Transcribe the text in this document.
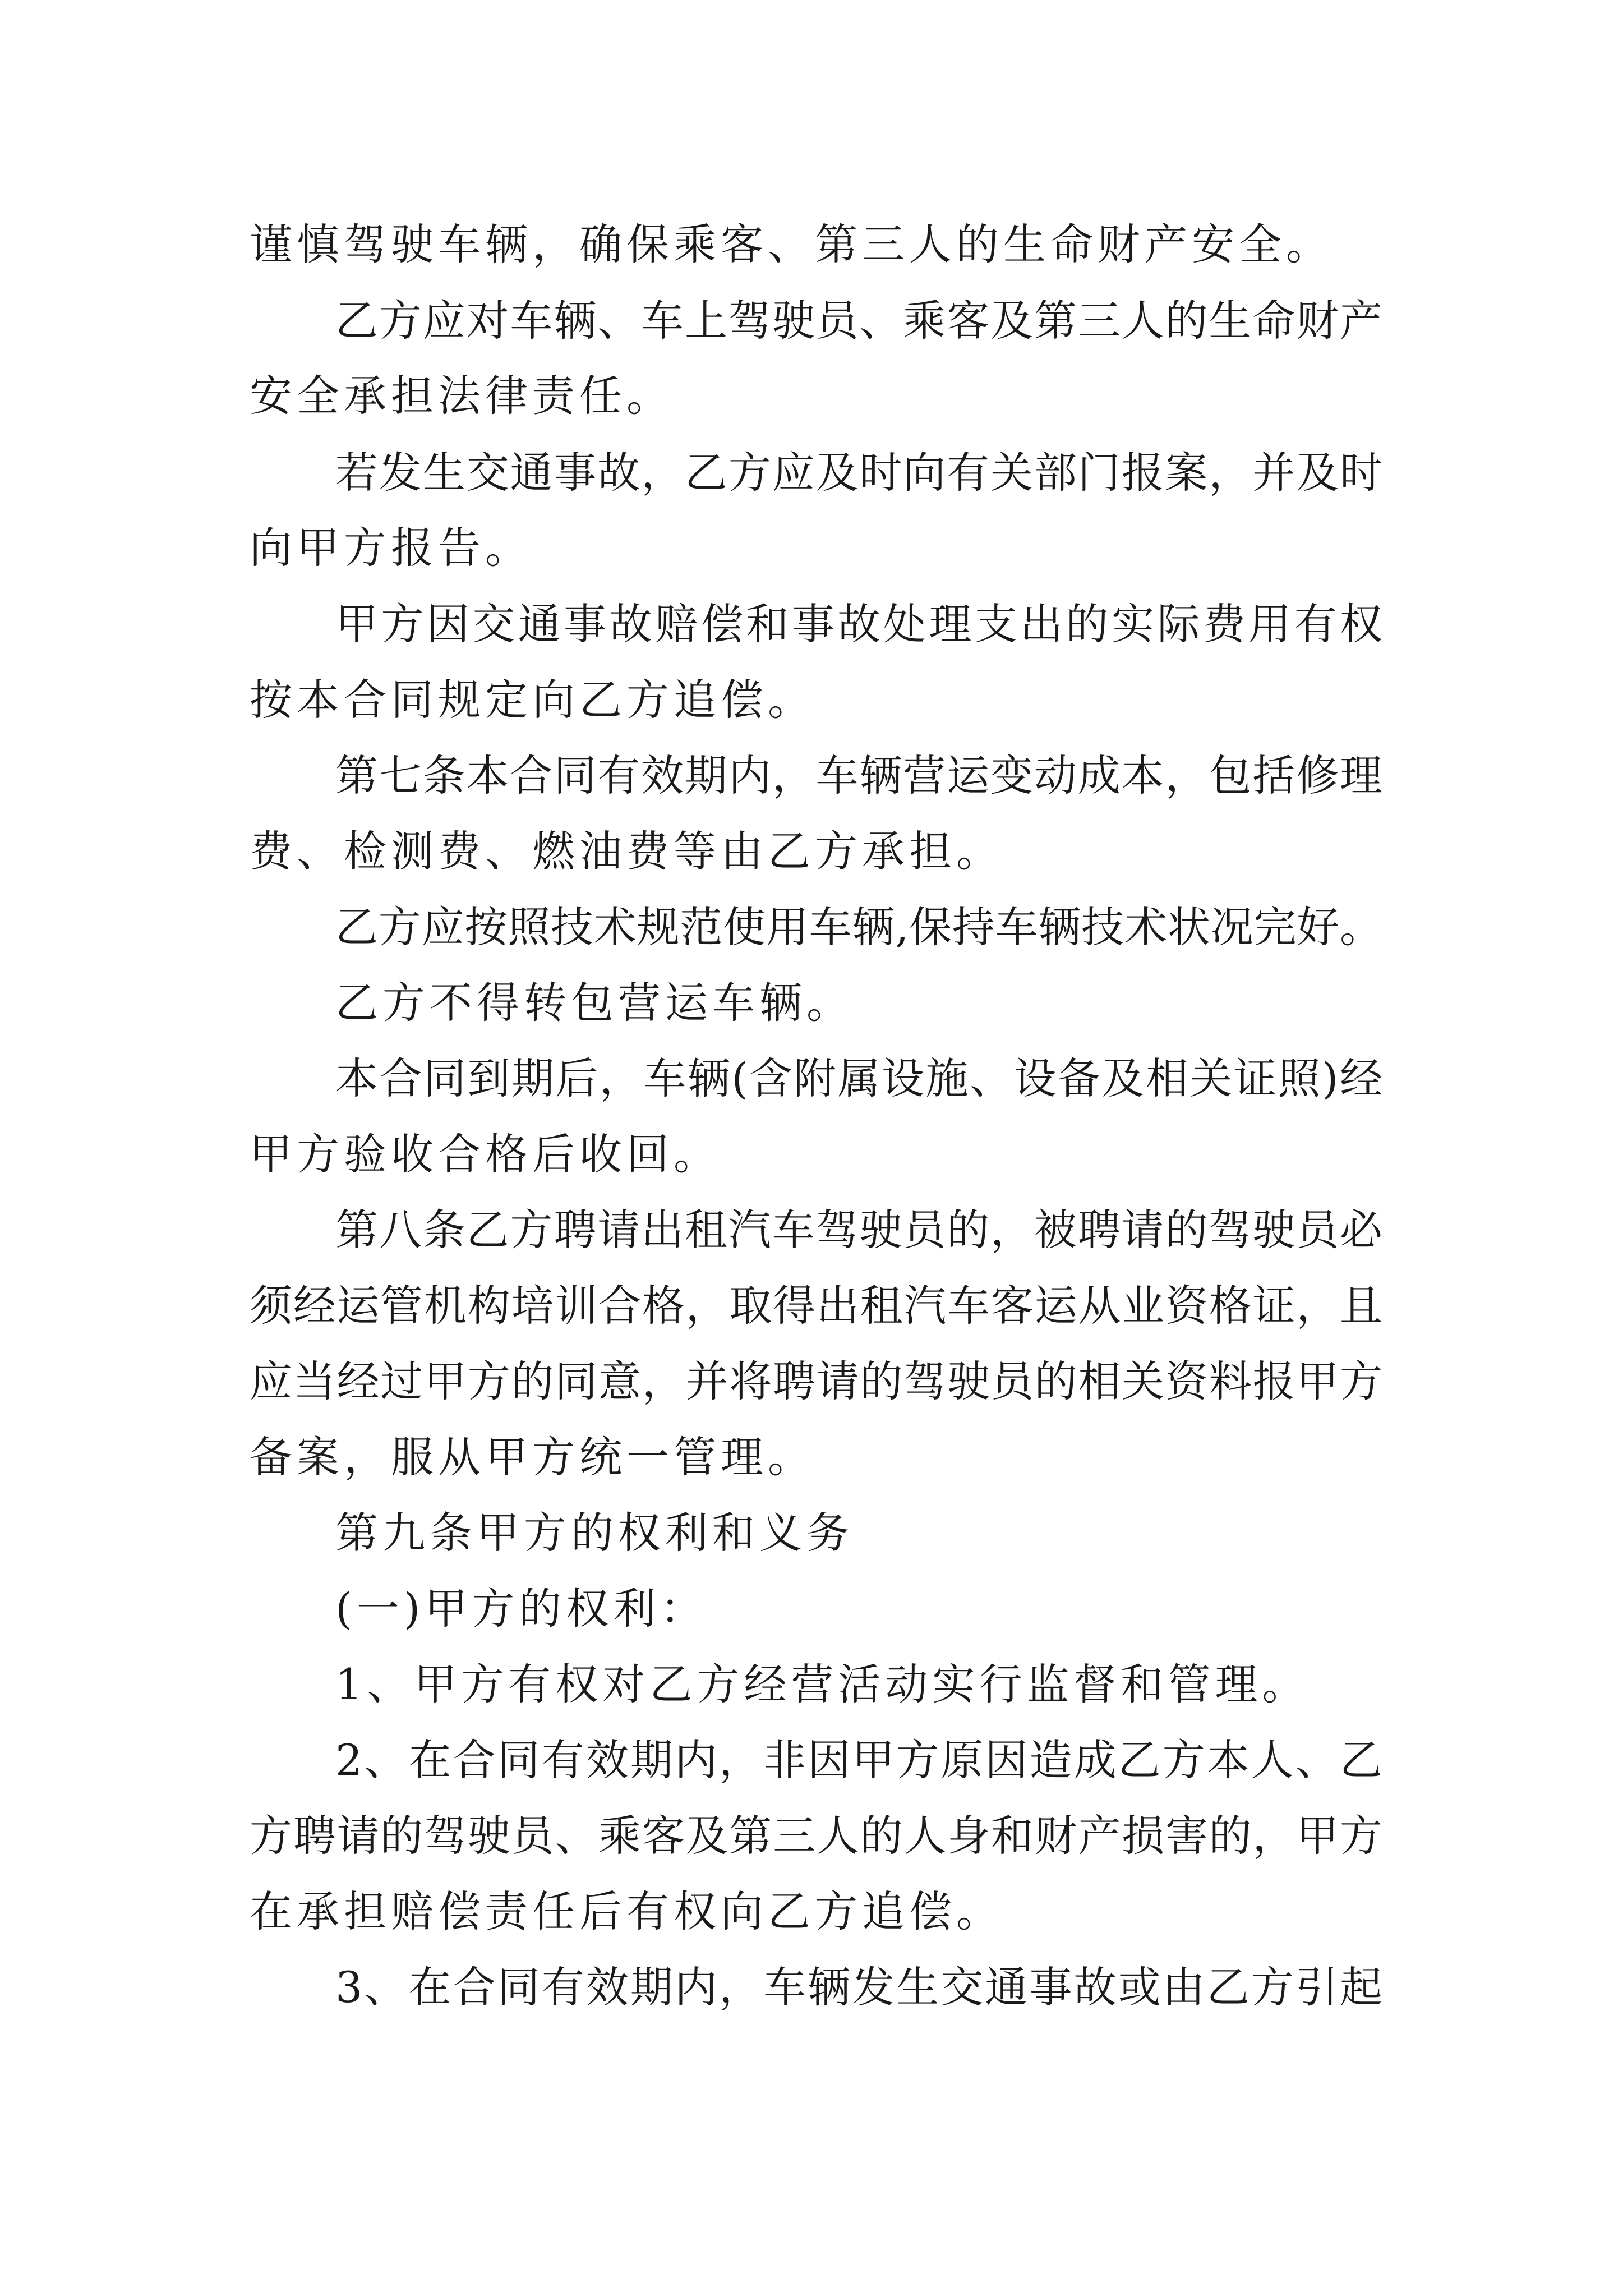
谨慎驾驶车辆，确保乘客、第三人的生命财产安全。
乙方应对车辆、车上驾驶员、乘客及第三人的生命财产
安全承担法律责任。
若发生交通事故，乙方应及时向有关部门报案，并及时
向甲方报告。
甲方因交通事故赔偿和事故处理支出的实际费用有权
按本合同规定向乙方追偿。
第七条本合同有效期内，车辆营运变动成本，包括修理
费、检测费、燃油费等由乙方承担。
乙方应按照技术规范使用车辆,保持车辆技术状况完好。
乙方不得转包营运车辆。
本合同到期后，车辆(含附属设施、设备及相关证照)经
甲方验收合格后收回。
第八条乙方聘请出租汽车驾驶员的，被聘请的驾驶员必
须经运管机构培训合格，取得出租汽车客运从业资格证，且
应当经过甲方的同意，并将聘请的驾驶员的相关资料报甲方
备案，服从甲方统一管理。
第九条甲方的权利和义务
(一)甲方的权利：
1、甲方有权对乙方经营活动实行监督和管理。
2、在合同有效期内，非因甲方原因造成乙方本人、乙
方聘请的驾驶员、乘客及第三人的人身和财产损害的，甲方
在承担赔偿责任后有权向乙方追偿。
3、在合同有效期内，车辆发生交通事故或由乙方引起
